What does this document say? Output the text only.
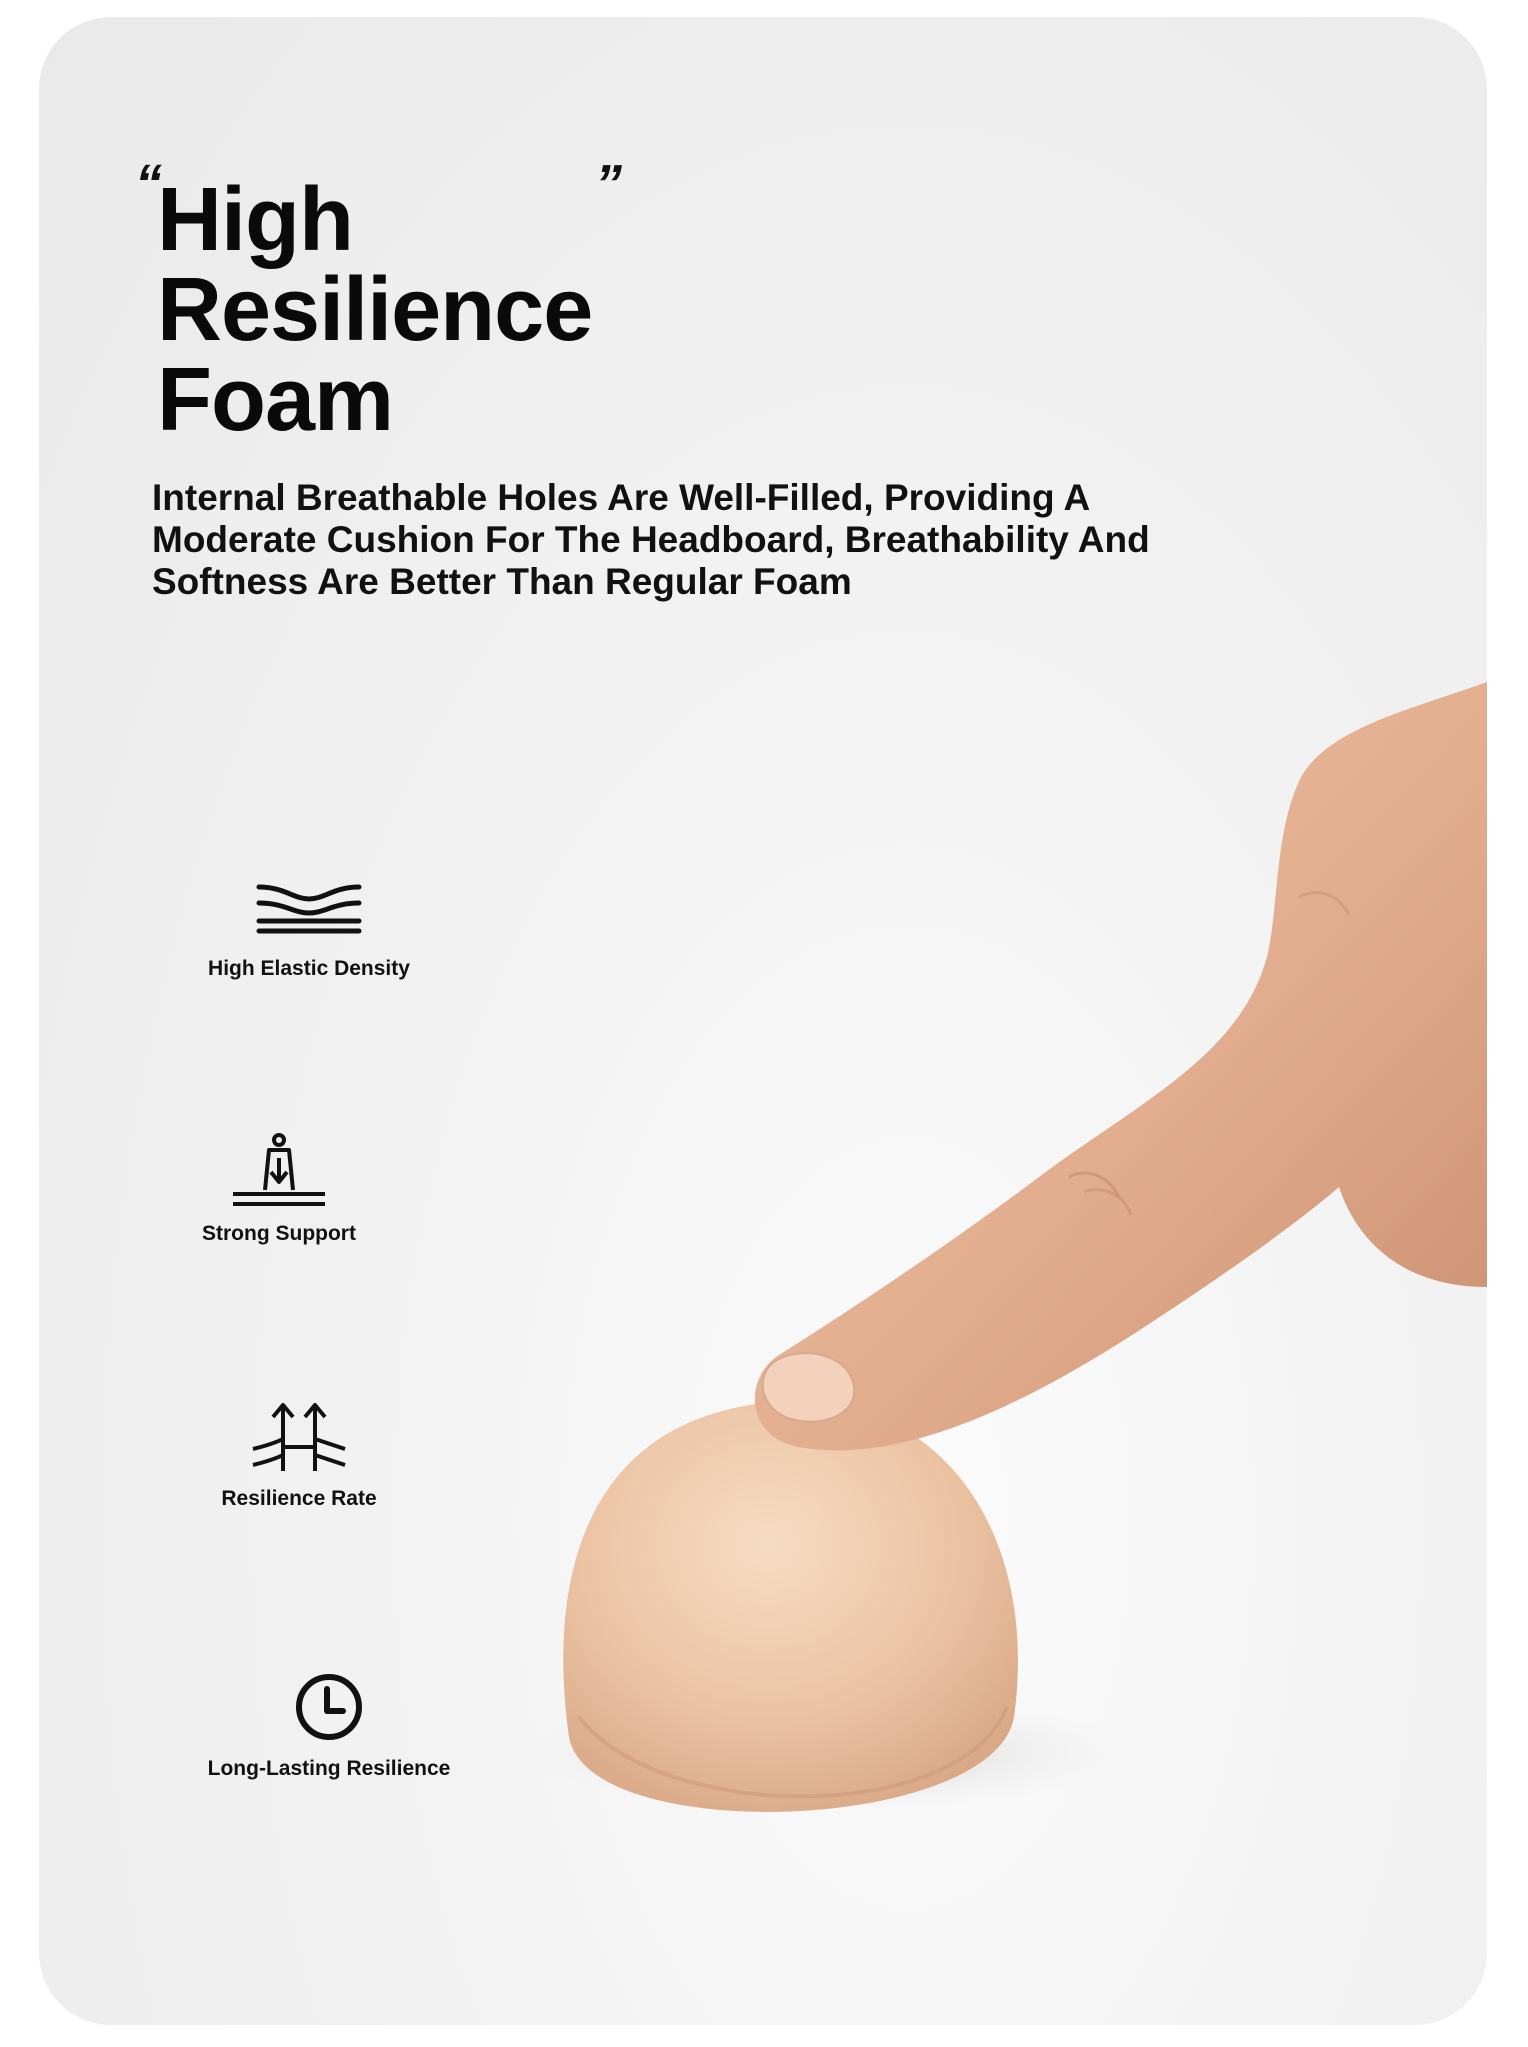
“	”
High
Resilience
Foam

Internal Breathable Holes Are Well-Filled, Providing A Moderate Cushion For The Headboard, Breathability And Softness Are Better Than Regular Foam

High Elastic Density
Strong Support
Resilience Rate
Long-Lasting Resilience
